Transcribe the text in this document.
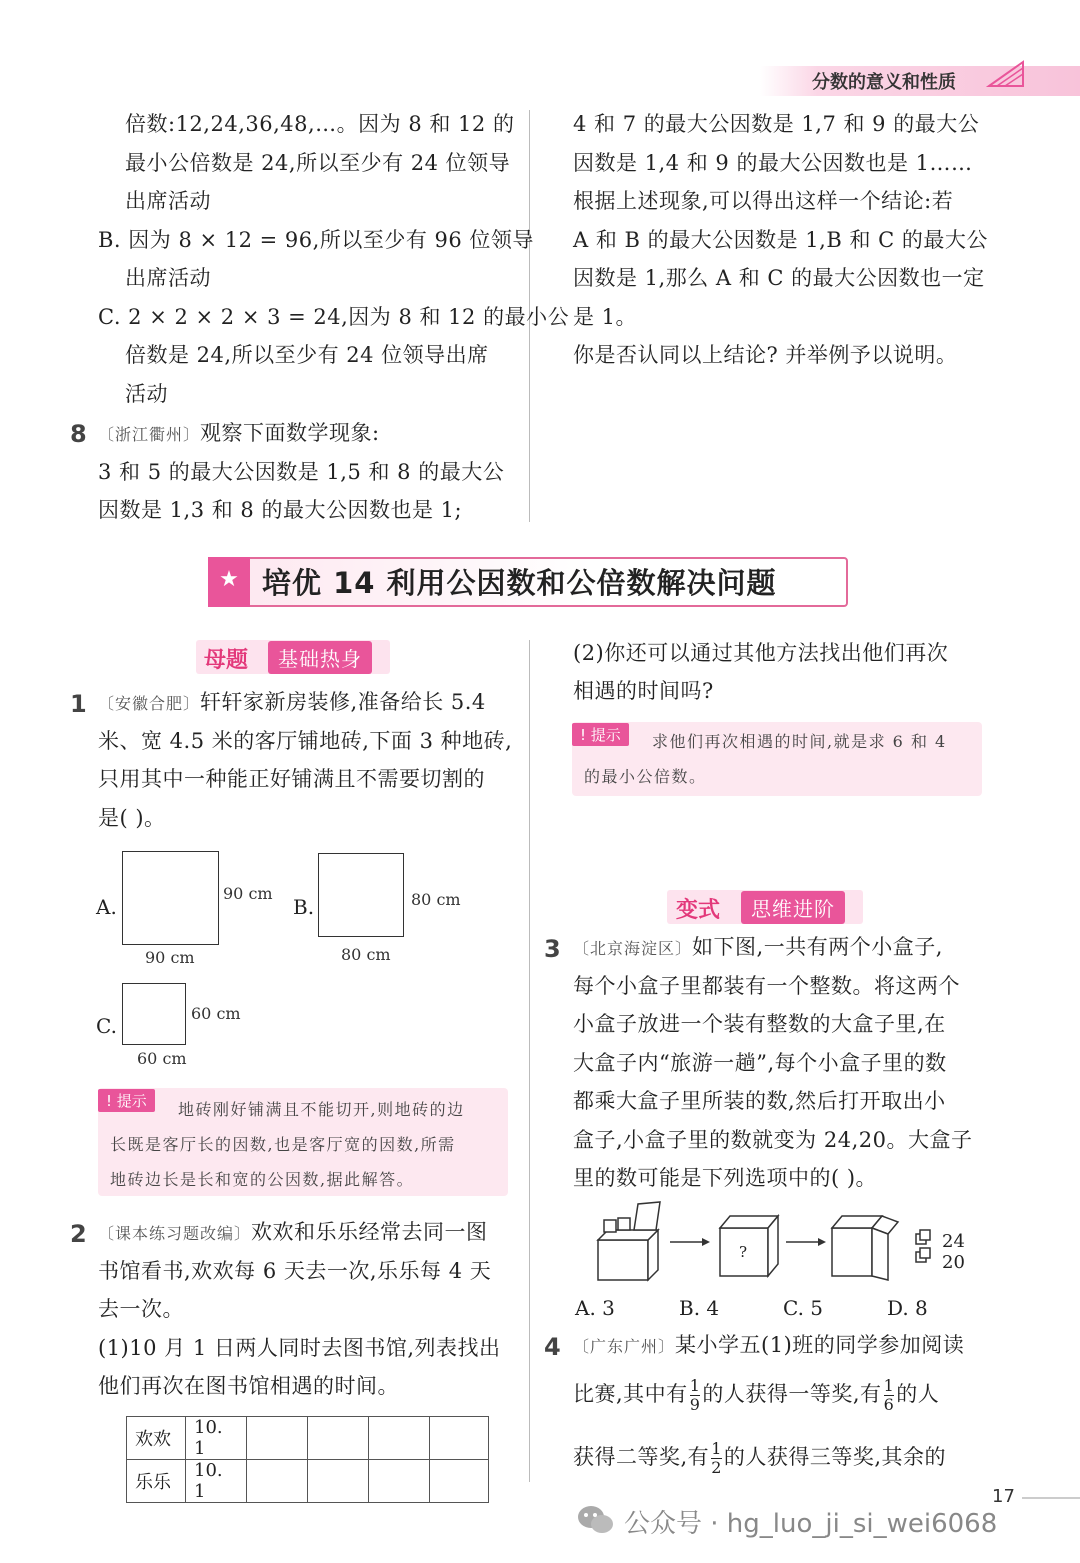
分数的意义和性质
倍数:12,24,36,48,…。因为 8 和 12 的
最小公倍数是 24,所以至少有 24 位领导
出席活动
B. 因为 8 × 12 = 96,所以至少有 96 位领导
出席活动
C. 2 × 2 × 2 × 3 = 24,因为 8 和 12 的最小公
倍数是 24,所以至少有 24 位领导出席
活动
8 〔浙江衢州〕观察下面数学现象:
3 和 5 的最大公因数是 1,5 和 8 的最大公
因数是 1,3 和 8 的最大公因数也是 1;
4 和 7 的最大公因数是 1,7 和 9 的最大公
因数是 1,4 和 9 的最大公因数也是 1……
根据上述现象,可以得出这样一个结论:若
A 和 B 的最大公因数是 1,B 和 C 的最大公
因数是 1,那么 A 和 C 的最大公因数也一定
是 1。
你是否认同以上结论? 并举例予以说明。
★ 培优 14 利用公因数和公倍数解决问题
母题	基础热身
1 〔安徽合肥〕轩轩家新房装修,准备给长 5.4
米、宽 4.5 米的客厅铺地砖,下面 3 种地砖,
只用其中一种能正好铺满且不需要切割的
是( )。
A.
90 cm
90 cm
B.	80 cm
80 cm
C.
60 cm
60 cm
! 提示	地砖刚好铺满且不能切开,则地砖的边
长既是客厅长的因数,也是客厅宽的因数,所需
地砖边长是长和宽的公因数,据此解答。
2 〔课本练习题改编〕欢欢和乐乐经常去同一图
书馆看书,欢欢每 6 天去一次,乐乐每 4 天
去一次。
(1)10 月 1 日两人同时去图书馆,列表找出
他们再次在图书馆相遇的时间。
欢欢	10. 1				
乐乐	10. 1				
(2)你还可以通过其他方法找出他们再次
相遇的时间吗?
! 提示	求他们再次相遇的时间,就是求 6 和 4
的最小公倍数。
变式	思维进阶
3 〔北京海淀区〕如下图,一共有两个小盒子,
每个小盒子里都装有一个整数。将这两个
小盒子放进一个装有整数的大盒子里,在
大盒子内“旅游一趟”,每个小盒子里的数
都乘大盒子里所装的数,然后打开取出小
盒子,小盒子里的数就变为 24,20。大盒子
里的数可能是下列选项中的( )。
?	24
20
A. 3	B. 4	C. 5	D. 8
4 〔广东广州〕某小学五(1)班的同学参加阅读
比赛,其中有 $\frac{1}{9}$ 的人获得一等奖,有 $\frac{1}{6}$ 的人
获得二等奖,有 $\frac{1}{2}$ 的人获得三等奖,其余的
17
公众号 · hg_luo_ji_si_wei6068
